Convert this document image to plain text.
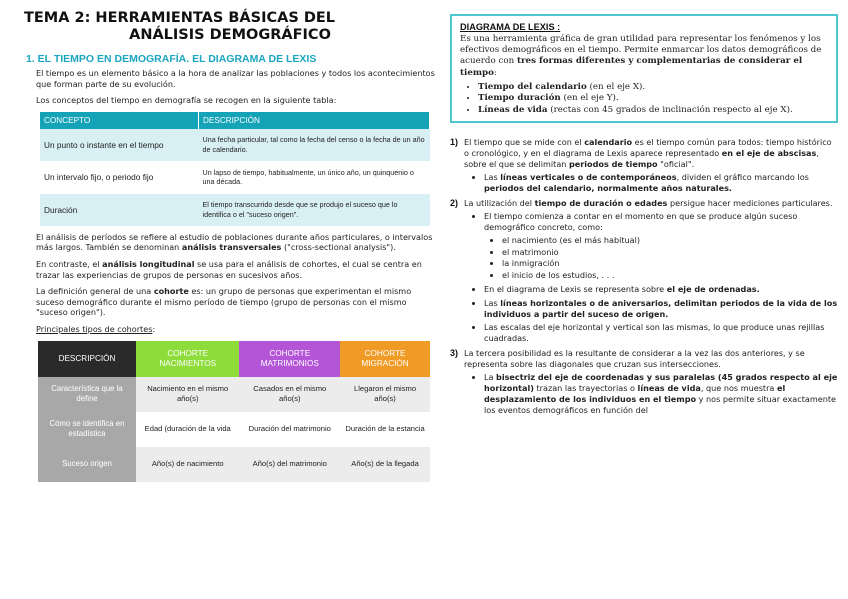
TEMA 2: HERRAMIENTAS BÁSICAS DEL
ANÁLISIS DEMOGRÁFICO
1. EL TIEMPO EN DEMOGRAFÍA. EL DIAGRAMA DE LEXIS

El tiempo es un elemento básico a la hora de analizar las poblaciones y todos los acontecimientos que forman parte de su evolución.

Los conceptos del tiempo en demografía se recogen en la siguiente tabla:

CONCEPTO	DESCRIPCIÓN
Un punto o instante en el tiempo	Una fecha particular, tal como la fecha del censo o la fecha de un año de calendario.
Un intervalo fijo, o periodo fijo	Un lapso de tiempo, habitualmente, un único año, un quinquenio o una década.
Duración	El tiempo transcurrido desde que se produjo el suceso que lo identifica o el "suceso origen".

El análisis de períodos se refiere al estudio de poblaciones durante años particulares, o intervalos más largos. También se denominan análisis transversales ("cross-sectional analysis").

En contraste, el análisis longitudinal se usa para el análisis de cohortes, el cual se centra en trazar las experiencias de grupos de personas en sucesivos años.

La definición general de una cohorte es: un grupo de personas que experimentan el mismo suceso demográfico durante el mismo período de tiempo (grupo de personas con el mismo "suceso origen").

Principales tipos de cohortes:

DESCRIPCIÓN	COHORTE NACIMIENTOS	COHORTE MATRIMONIOS	COHORTE MIGRACIÓN
Característica que la define	Nacimiento en el mismo año(s)	Casados en el mismo año(s)	Llegaron el mismo año(s)
Cómo se identifica en estadística	Edad (duración de la vida	Duración del matrimonio	Duración de la estancia
Suceso origen	Año(s) de nacimiento	Año(s) del matrimonio	Año(s) de la llegada
DIAGRAMA DE LEXIS :

Es una herramienta gráfica de gran utilidad para representar los fenómenos y los efectivos demográficos en el tiempo. Permite enmarcar los datos demográficos de acuerdo con tres formas diferentes y complementarias de considerar el tiempo:

• Tiempo del calendario (en el eje X).
• Tiempo duración (en el eje Y).
• Líneas de vida (rectas con 45 grados de inclinación respecto al eje X).
1) El tiempo que se mide con el calendario es el tiempo común para todos: tiempo histórico o cronológico, y en el diagrama de Lexis aparece representado en el eje de abscisas, sobre el que se delimitan periodos de tiempo "oficial".

• Las líneas verticales o de contemporáneos, dividen el gráfico marcando los periodos del calendario, normalmente años naturales.
2) La utilización del tiempo de duración o edades persigue hacer mediciones particulares.

• El tiempo comienza a contar en el momento en que se produce algún suceso demográfico concreto, como:
• el nacimiento (es el más habitual)
• el matrimonio
• la inmigración
• el inicio de los estudios, . . .
• En el diagrama de Lexis se representa sobre el eje de ordenadas.
• Las líneas horizontales o de aniversarios, delimitan periodos de la vida de los individuos a partir del suceso de origen.
• Las escalas del eje horizontal y vertical son las mismas, lo que produce unas rejillas cuadradas.
3) La tercera posibilidad es la resultante de considerar a la vez las dos anteriores, y se representa sobre las diagonales que cruzan sus intersecciones.

• La bisectriz del eje de coordenadas y sus paralelas (45 grados respecto al eje horizontal) trazan las trayectorias o líneas de vida, que nos muestra el desplazamiento de los individuos en el tiempo y nos permite situar exactamente los eventos demográficos en función del
